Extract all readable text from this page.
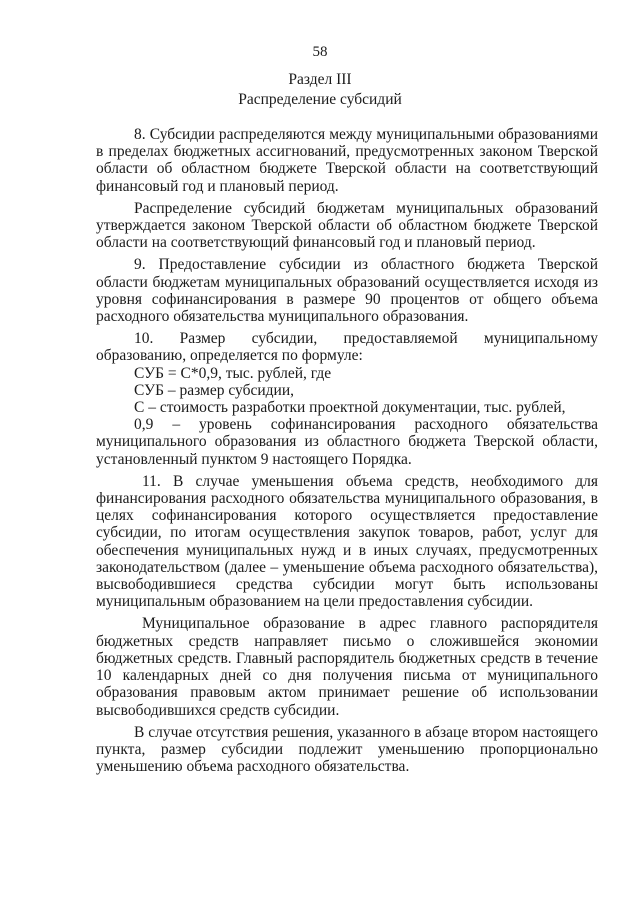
58
Раздел III
Распределение субсидий

8. Субсидии распределяются между муниципальными образованиями в пределах бюджетных ассигнований, предусмотренных законом Тверской области об областном бюджете Тверской области на соответствующий финансовый год и плановый период.

Распределение субсидий бюджетам муниципальных образований утверждается законом Тверской области об областном бюджете Тверской области на соответствующий финансовый год и плановый период.

9. Предоставление субсидии из областного бюджета Тверской области бюджетам муниципальных образований осуществляется исходя из уровня софинансирования в размере 90 процентов от общего объема расходного обязательства муниципального образования.

10. Размер субсидии, предоставляемой муниципальному образованию, определяется по формуле:

СУБ = С*0,9, тыс. рублей, где

СУБ – размер субсидии,

С – стоимость разработки проектной документации, тыс. рублей,

0,9 – уровень софинансирования расходного обязательства муниципального образования из областного бюджета Тверской области, установленный пунктом 9 настоящего Порядка.

11. В случае уменьшения объема средств, необходимого для финансирования расходного обязательства муниципального образования, в целях софинансирования которого осуществляется предоставление субсидии, по итогам осуществления закупок товаров, работ, услуг для обеспечения муниципальных нужд и в иных случаях, предусмотренных законодательством (далее – уменьшение объема расходного обязательства), высвободившиеся средства субсидии могут быть использованы муниципальным образованием на цели предоставления субсидии.

Муниципальное образование в адрес главного распорядителя бюджетных средств направляет письмо о сложившейся экономии бюджетных средств. Главный распорядитель бюджетных средств в течение 10 календарных дней со дня получения письма от муниципального образования правовым актом принимает решение об использовании высвободившихся средств субсидии.

В случае отсутствия решения, указанного в абзаце втором настоящего пункта, размер субсидии подлежит уменьшению пропорционально уменьшению объема расходного обязательства.
